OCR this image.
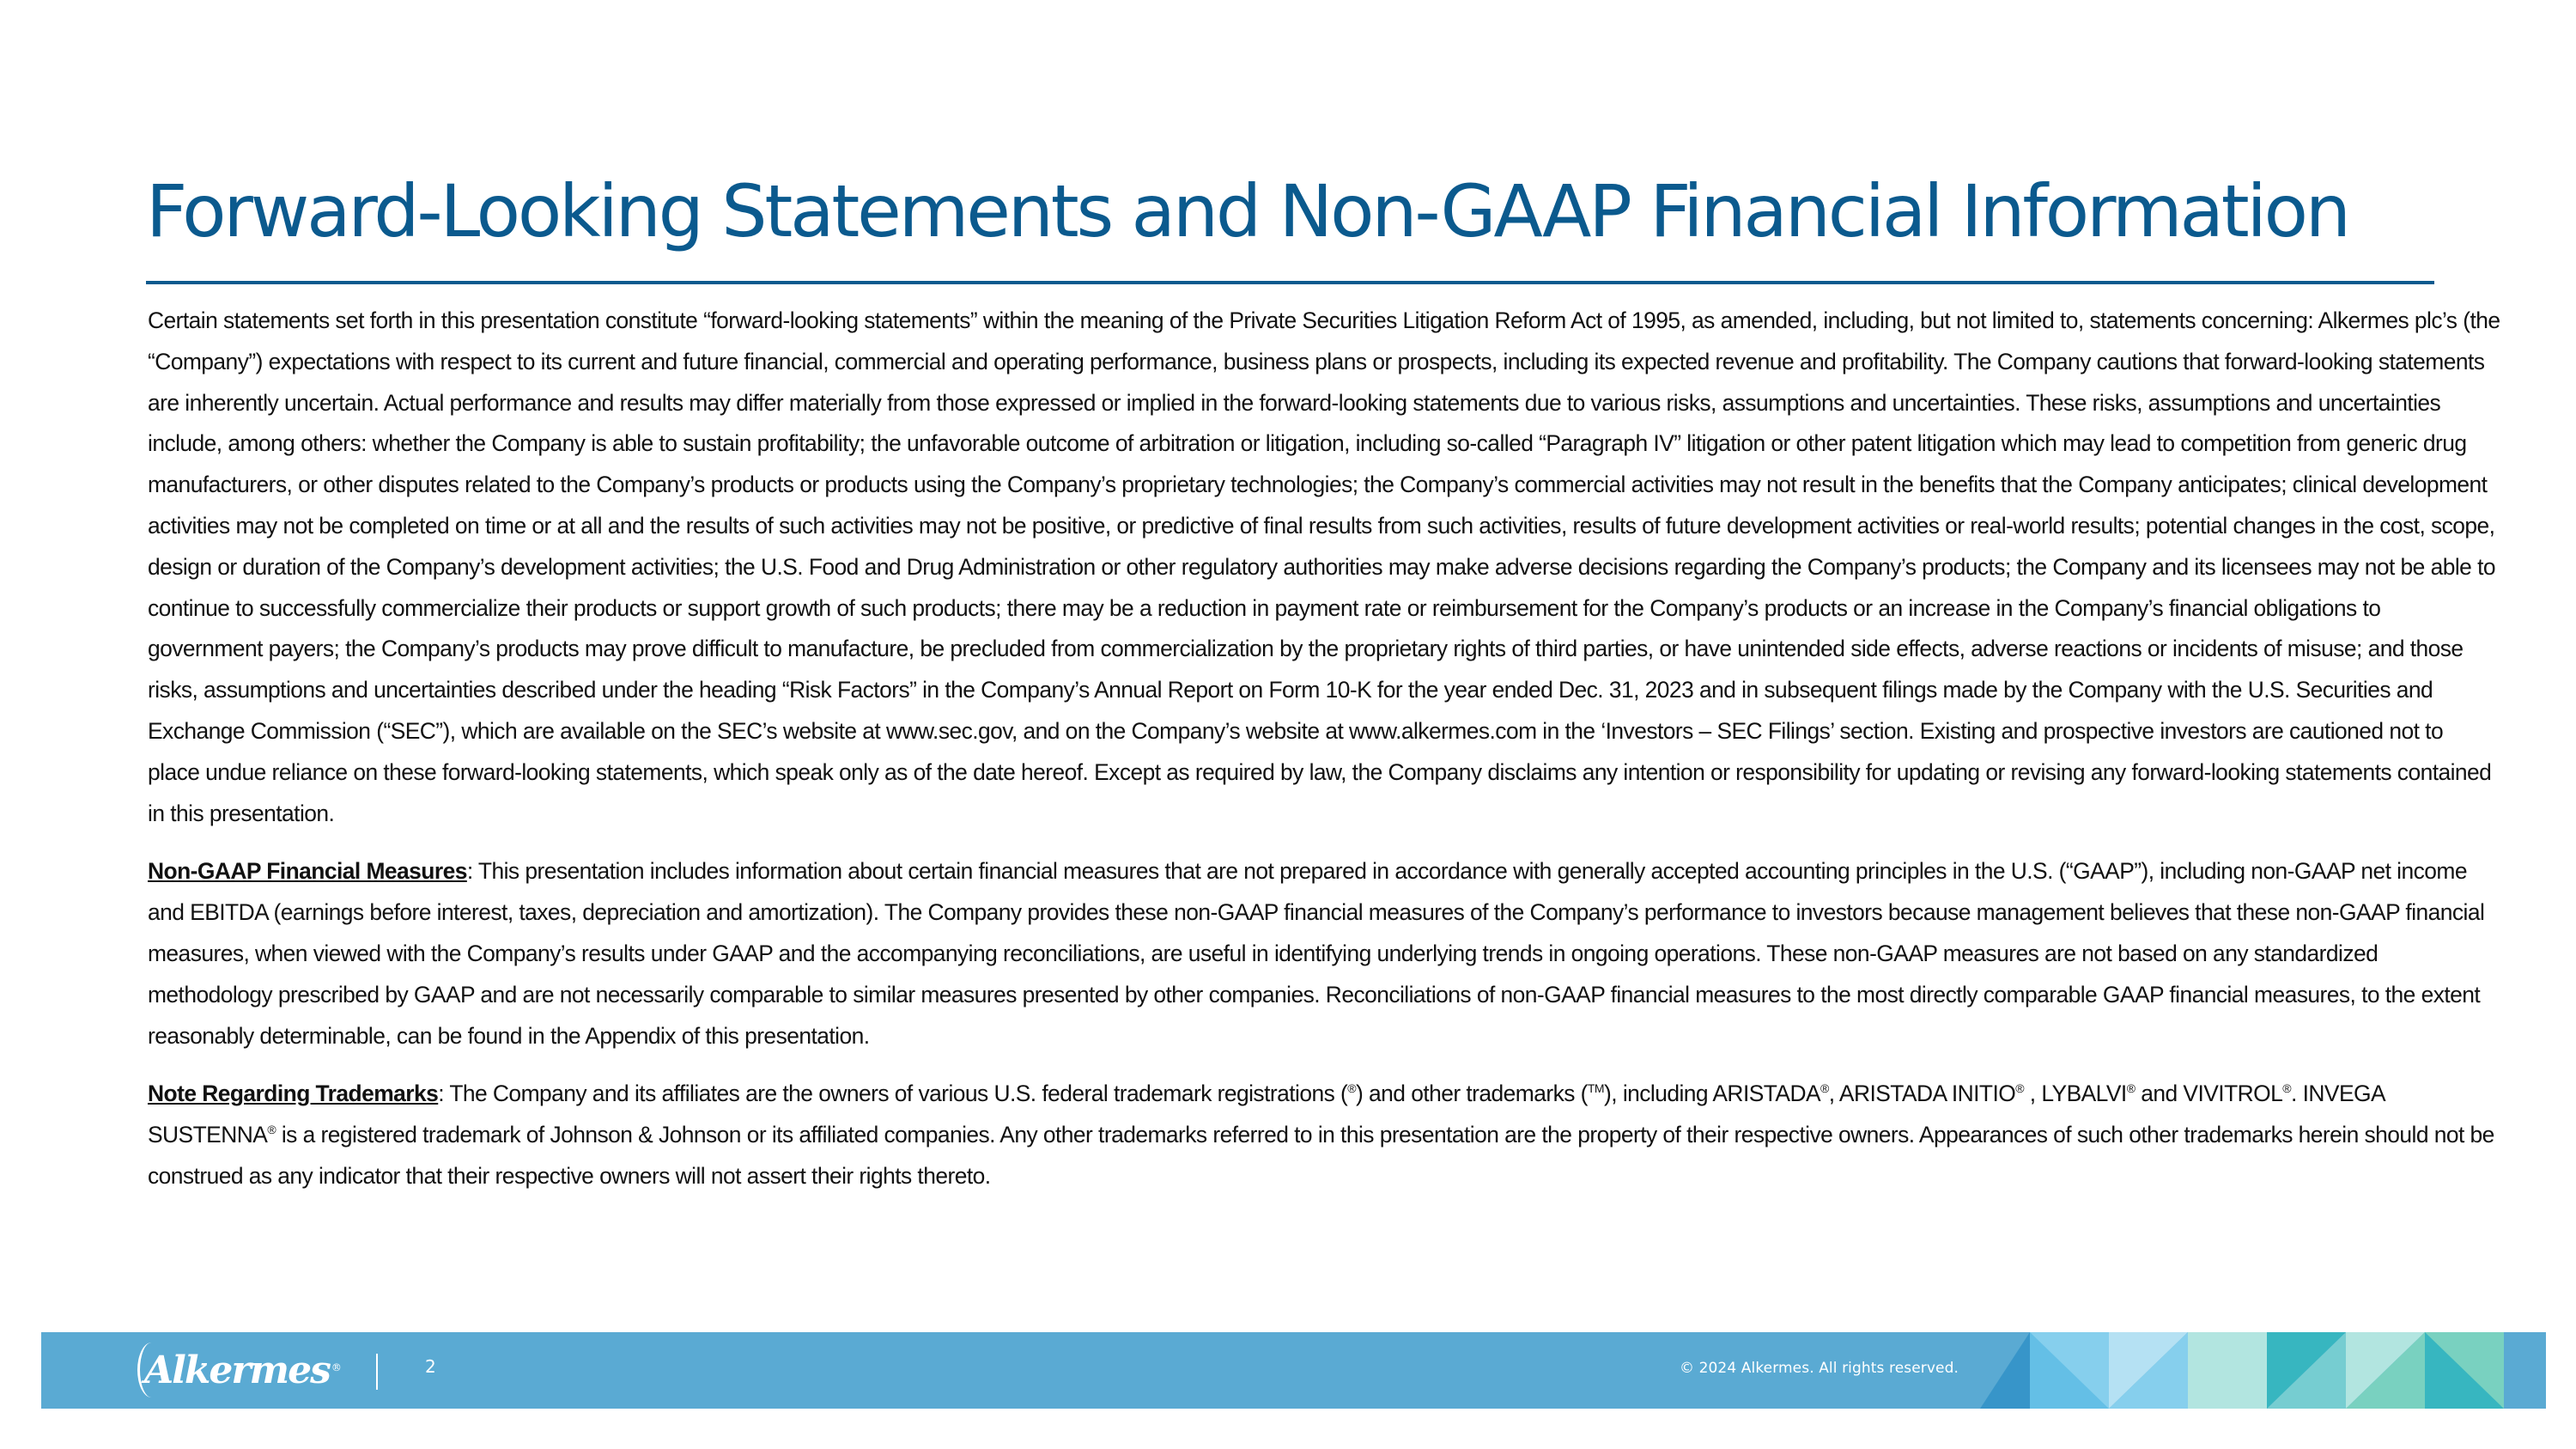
Forward-Looking Statements and Non-GAAP Financial Information

Certain statements set forth in this presentation constitute “forward-looking statements” within the meaning of the Private Securities Litigation Reform Act of 1995, as amended, including, but not limited to, statements concerning: Alkermes plc’s (the “Company”) expectations with respect to its current and future financial, commercial and operating performance, business plans or prospects, including its expected revenue and profitability. The Company cautions that forward-looking statements are inherently uncertain. Actual performance and results may differ materially from those expressed or implied in the forward-looking statements due to various risks, assumptions and uncertainties. These risks, assumptions and uncertainties include, among others: whether the Company is able to sustain profitability; the unfavorable outcome of arbitration or litigation, including so-called “Paragraph IV” litigation or other patent litigation which may lead to competition from generic drug manufacturers, or other disputes related to the Company’s products or products using the Company’s proprietary technologies; the Company’s commercial activities may not result in the benefits that the Company anticipates; clinical development activities may not be completed on time or at all and the results of such activities may not be positive, or predictive of final results from such activities, results of future development activities or real-world results; potential changes in the cost, scope, design or duration of the Company’s development activities; the U.S. Food and Drug Administration or other regulatory authorities may make adverse decisions regarding the Company’s products; the Company and its licensees may not be able to continue to successfully commercialize their products or support growth of such products; there may be a reduction in payment rate or reimbursement for the Company’s products or an increase in the Company’s financial obligations to government payers; the Company’s products may prove difficult to manufacture, be precluded from commercialization by the proprietary rights of third parties, or have unintended side effects, adverse reactions or incidents of misuse; and those risks, assumptions and uncertainties described under the heading “Risk Factors” in the Company’s Annual Report on Form 10-K for the year ended Dec. 31, 2023 and in subsequent filings made by the Company with the U.S. Securities and Exchange Commission (“SEC”), which are available on the SEC’s website at www.sec.gov, and on the Company’s website at www.alkermes.com in the ‘Investors – SEC Filings’ section. Existing and prospective investors are cautioned not to place undue reliance on these forward-looking statements, which speak only as of the date hereof. Except as required by law, the Company disclaims any intention or responsibility for updating or revising any forward-looking statements contained in this presentation.

Non-GAAP Financial Measures: This presentation includes information about certain financial measures that are not prepared in accordance with generally accepted accounting principles in the U.S. (“GAAP”), including non-GAAP net income and EBITDA (earnings before interest, taxes, depreciation and amortization). The Company provides these non-GAAP financial measures of the Company’s performance to investors because management believes that these non-GAAP financial measures, when viewed with the Company’s results under GAAP and the accompanying reconciliations, are useful in identifying underlying trends in ongoing operations. These non-GAAP measures are not based on any standardized methodology prescribed by GAAP and are not necessarily comparable to similar measures presented by other companies. Reconciliations of non-GAAP financial measures to the most directly comparable GAAP financial measures, to the extent reasonably determinable, can be found in the Appendix of this presentation.

Note Regarding Trademarks: The Company and its affiliates are the owners of various U.S. federal trademark registrations (®) and other trademarks (™), including ARISTADA®, ARISTADA INITIO® , LYBALVI® and VIVITROL®. INVEGA SUSTENNA® is a registered trademark of Johnson & Johnson or its affiliated companies. Any other trademarks referred to in this presentation are the property of their respective owners. Appearances of such other trademarks herein should not be construed as any indicator that their respective owners will not assert their rights thereto.

Alkermes ®	2	© 2024 Alkermes. All rights reserved.
